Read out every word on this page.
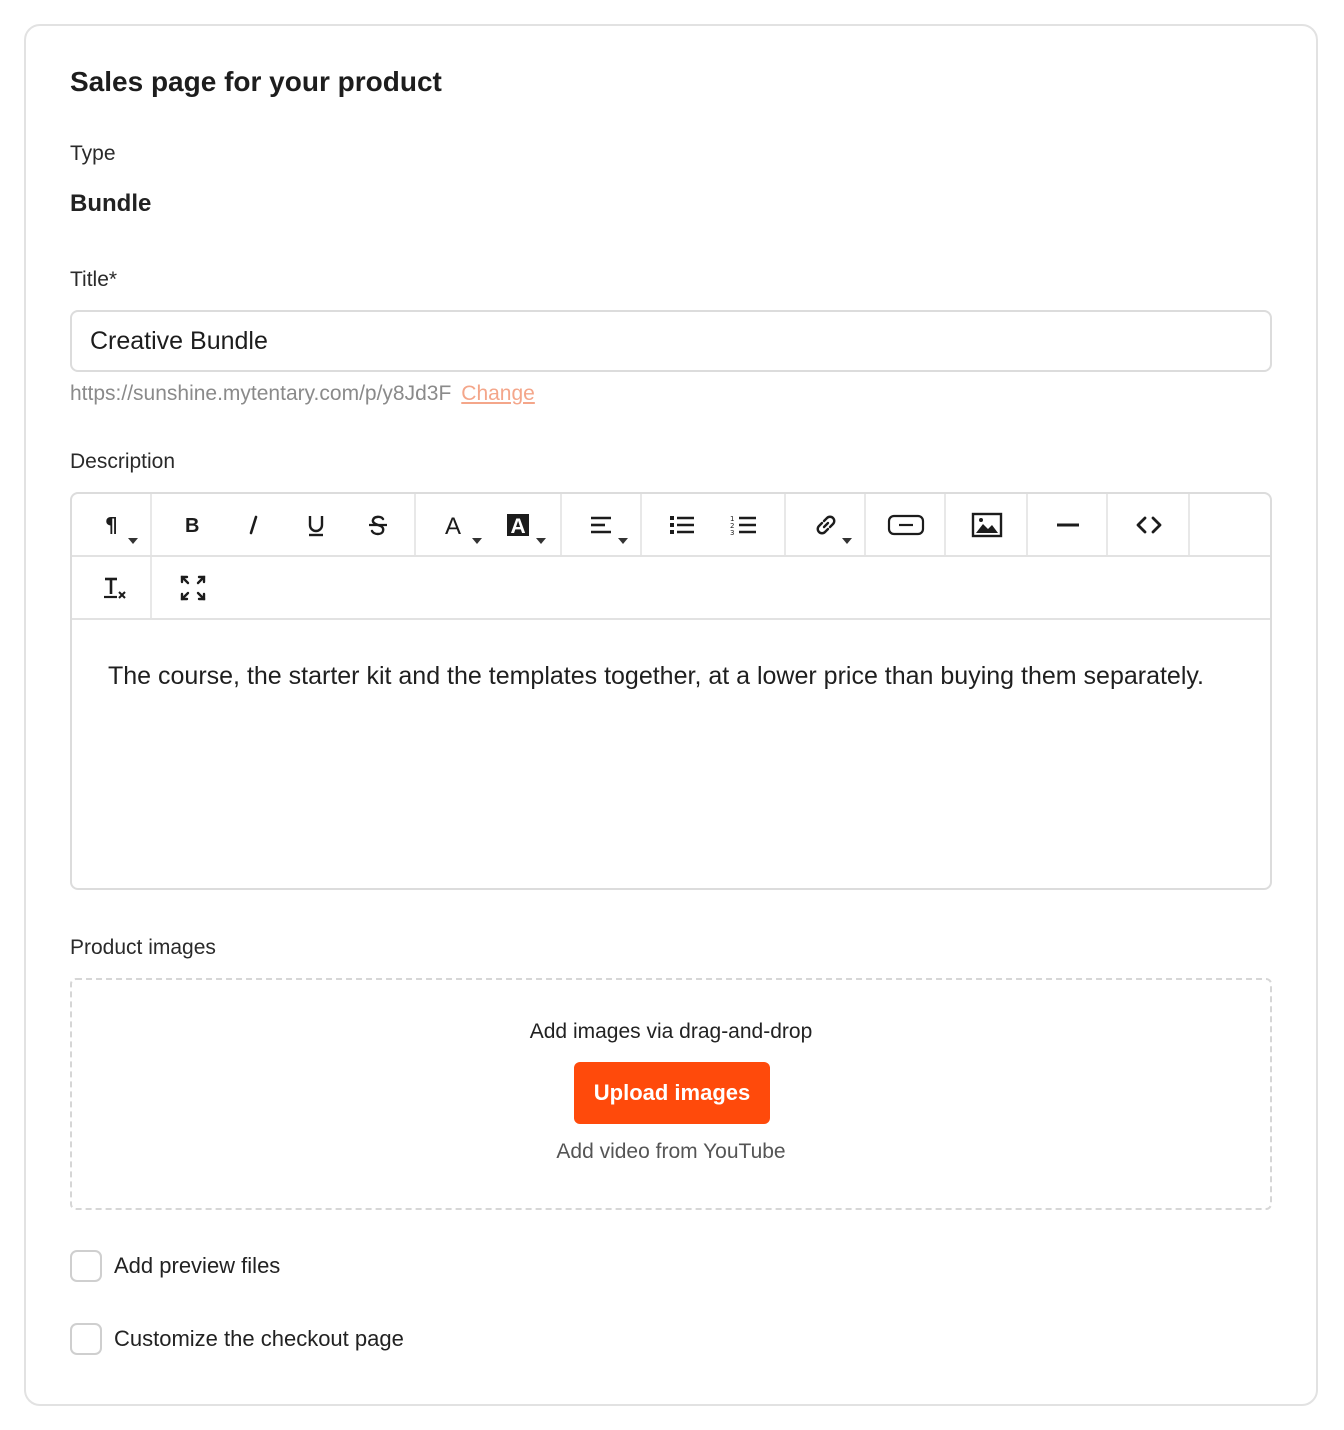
Sales page for your product
Type
Bundle
Title*
Creative Bundle
https://sunshine.mytentary.com/p/y8Jd3F Change
Description
¶	B	A A	1
2
3
The course, the starter kit and the templates together, at a lower price than buying them separately.
Product images
Add images via drag-and-drop
Upload images
Add video from YouTube
Add preview files
Customize the checkout page
